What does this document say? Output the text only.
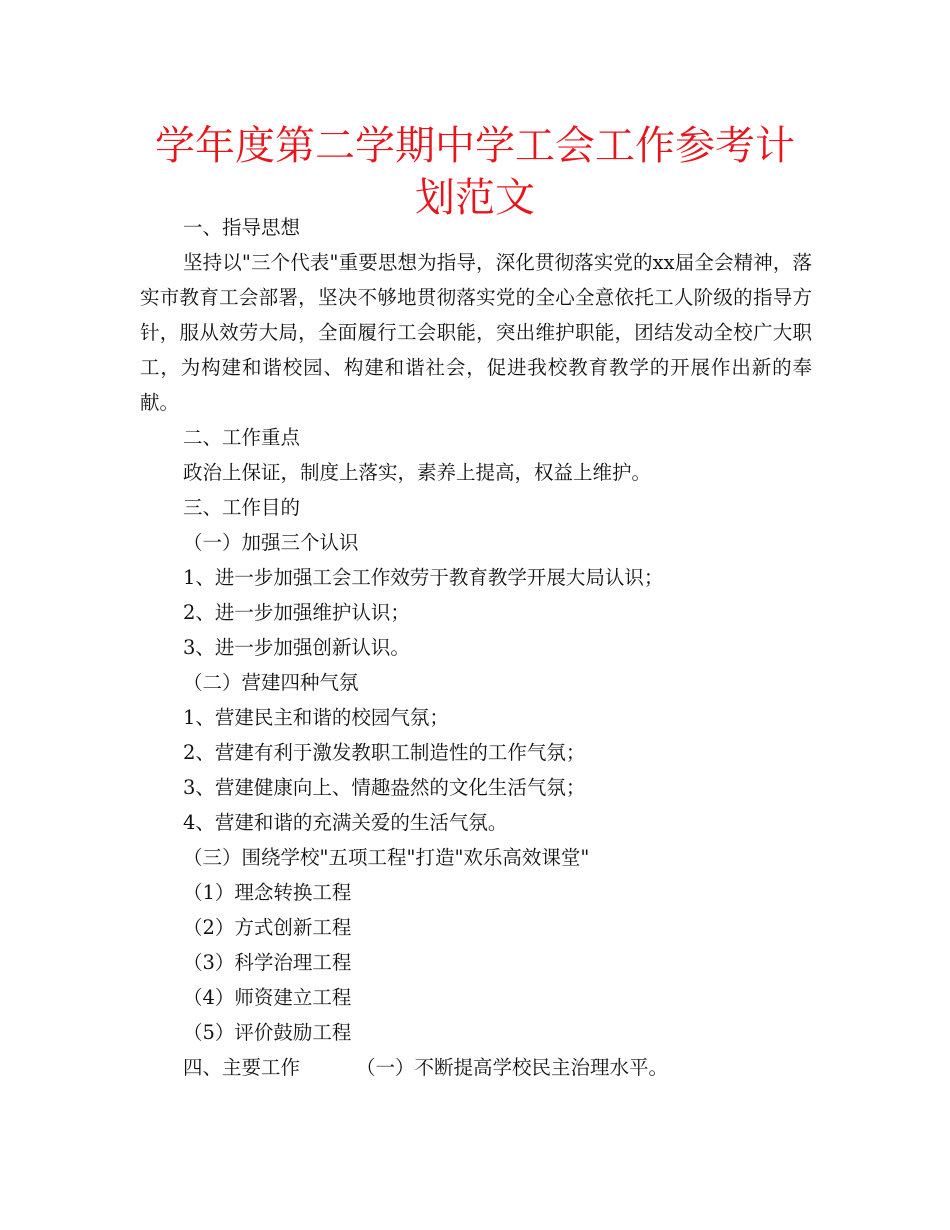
学年度第二学期中学工会工作参考计划范文

一、指导思想

坚持以"三个代表"重要思想为指导，深化贯彻落实党的xx届全会精神，落实市教育工会部署，坚决不够地贯彻落实党的全心全意依托工人阶级的指导方针，服从效劳大局，全面履行工会职能，突出维护职能，团结发动全校广大职工，为构建和谐校园、构建和谐社会，促进我校教育教学的开展作出新的奉献。

二、工作重点

政治上保证，制度上落实，素养上提高，权益上维护。

三、工作目的

（一）加强三个认识

1、进一步加强工会工作效劳于教育教学开展大局认识；

2、进一步加强维护认识；

3、进一步加强创新认识。

（二）营建四种气氛

1、营建民主和谐的校园气氛；

2、营建有利于激发教职工制造性的工作气氛；

3、营建健康向上、情趣盎然的文化生活气氛；

4、营建和谐的充满关爱的生活气氛。

（三）围绕学校"五项工程"打造"欢乐高效课堂"

（1）理念转换工程

（2）方式创新工程

（3）科学治理工程

（4）师资建立工程

（5）评价鼓励工程

四、主要工作	（一）不断提高学校民主治理水平。
